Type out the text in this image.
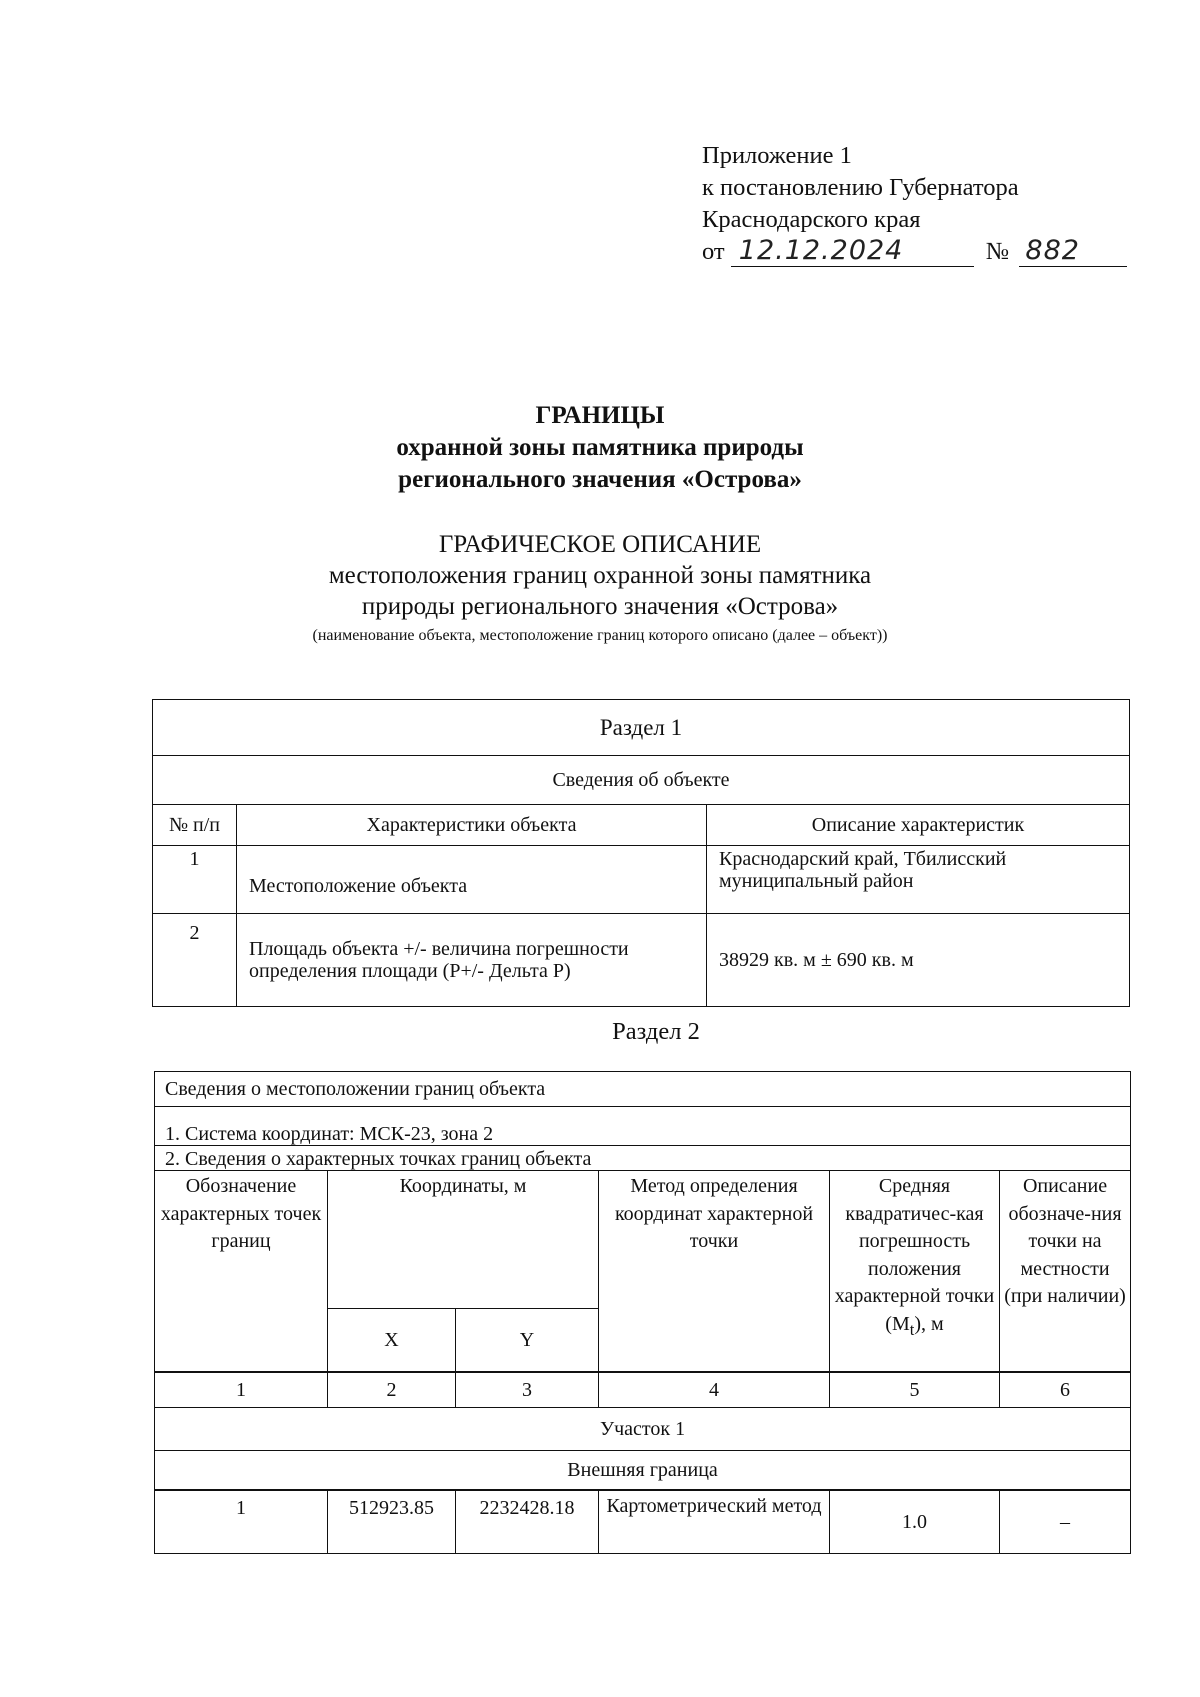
Приложение 1
к постановлению Губернатора
Краснодарского края
от 12.12.2024	№ 882
ГРАНИЦЫ
охранной зоны памятника природы
регионального значения «Острова»
ГРАФИЧЕСКОЕ ОПИСАНИЕ
местоположения границ охранной зоны памятника
природы регионального значения «Острова»
(наименование объекта, местоположение границ которого описано (далее – объект))
Раздел 1		
Сведения об объекте		
№ п/п	Характеристики объекта	Описание характеристик
1	Местоположение объекта	Краснодарский край, Тбилисский муниципальный район
2	Площадь объекта +/- величина погрешности определения площади (Р+/- Дельта Р)	38929 кв. м ± 690 кв. м
Раздел 2
Сведения о местоположении границ объекта					
1. Система координат: МСК-23, зона 2					
2. Сведения о характерных точках границ объекта					
Обозначение характерных точек границ	Координаты, м		Метод определения координат характерной точки	Средняя квадратичес-кая погрешность положения характерной точки $(M_t)$, м	Описание обозначе-ния точки на местности (при наличии)
	X	Y			
1	2	3	4	5	6
Участок 1					
Внешняя граница					
1	512923.85	2232428.18	Картометрический метод	1.0	–
